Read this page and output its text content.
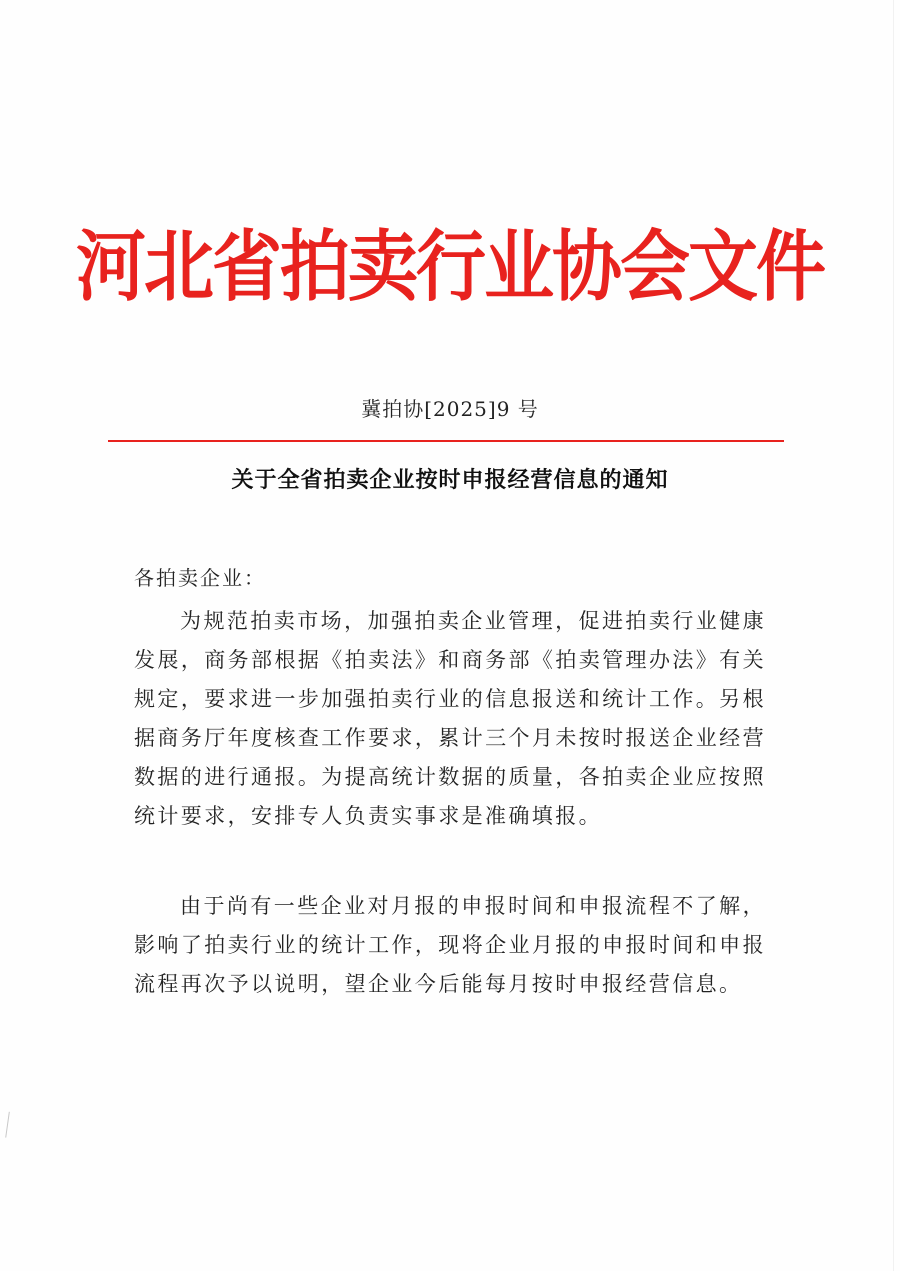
河北省拍卖行业协会文件
冀拍协[2025]9 号
关于全省拍卖企业按时申报经营信息的通知
各拍卖企业：

为规范拍卖市场，加强拍卖企业管理，促进拍卖行业健康发展，商务部根据《拍卖法》和商务部《拍卖管理办法》有关规定，要求进一步加强拍卖行业的信息报送和统计工作。另根据商务厅年度核查工作要求，累计三个月未按时报送企业经营数据的进行通报。为提高统计数据的质量，各拍卖企业应按照统计要求，安排专人负责实事求是准确填报。

由于尚有一些企业对月报的申报时间和申报流程不了解，影响了拍卖行业的统计工作，现将企业月报的申报时间和申报流程再次予以说明，望企业今后能每月按时申报经营信息。
